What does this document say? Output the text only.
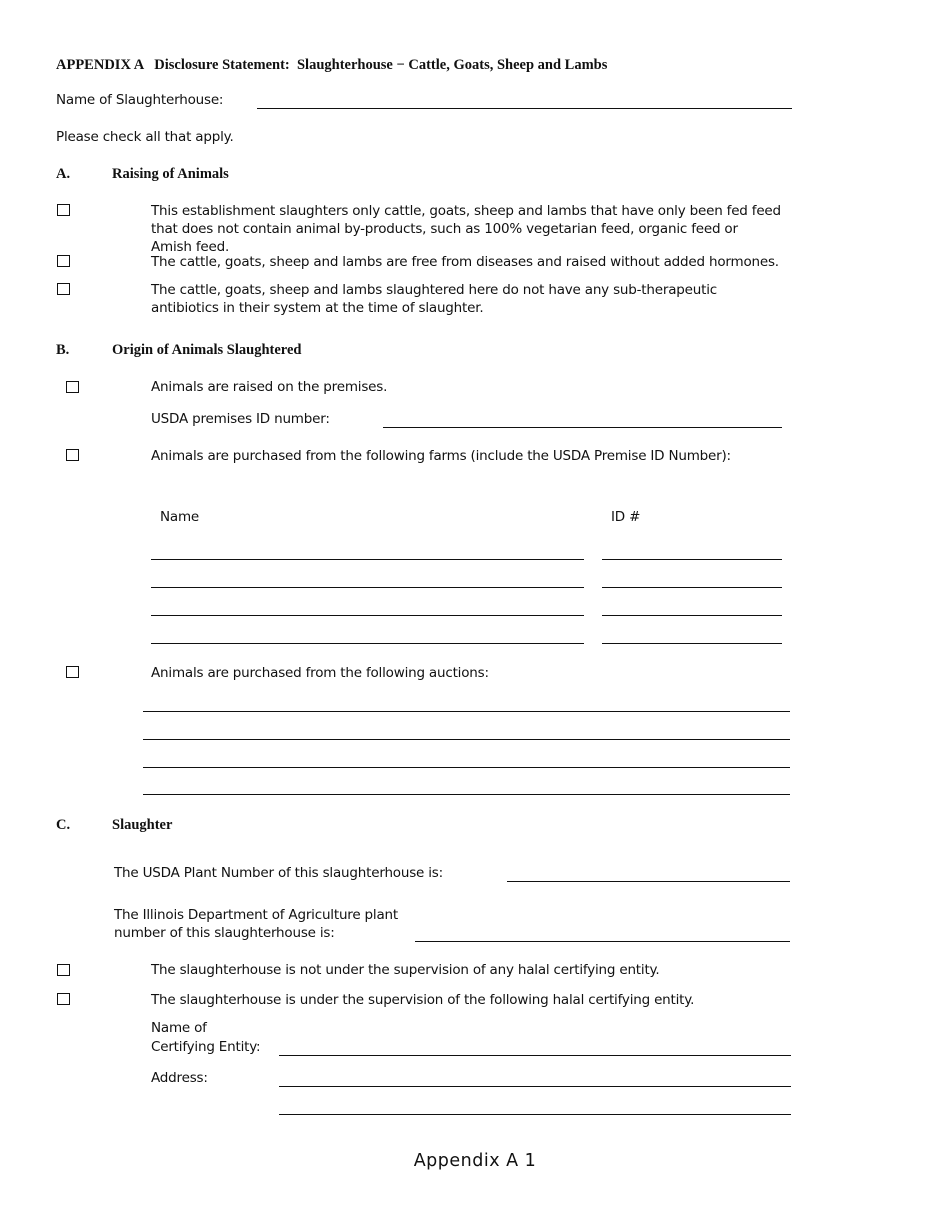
APPENDIX A   Disclosure Statement:  Slaughterhouse − Cattle, Goats, Sheep and Lambs
Name of Slaughterhouse:
Please check all that apply.
A.	Raising of Animals
This establishment slaughters only cattle, goats, sheep and lambs that have only been fed feed that does not contain animal by-products, such as 100% vegetarian feed, organic feed or Amish feed.
The cattle, goats, sheep and lambs are free from diseases and raised without added hormones.
The cattle, goats, sheep and lambs slaughtered here do not have any sub-therapeutic antibiotics in their system at the time of slaughter.
B.	Origin of Animals Slaughtered
Animals are raised on the premises.
USDA premises ID number:
Animals are purchased from the following farms (include the USDA Premise ID Number):
Name	ID #
Animals are purchased from the following auctions:
C.	Slaughter
The USDA Plant Number of this slaughterhouse is:
The Illinois Department of Agriculture plant
number of this slaughterhouse is:
The slaughterhouse is not under the supervision of any halal certifying entity.
The slaughterhouse is under the supervision of the following halal certifying entity.
Name of
Certifying Entity:
Address:
Appendix A 1
